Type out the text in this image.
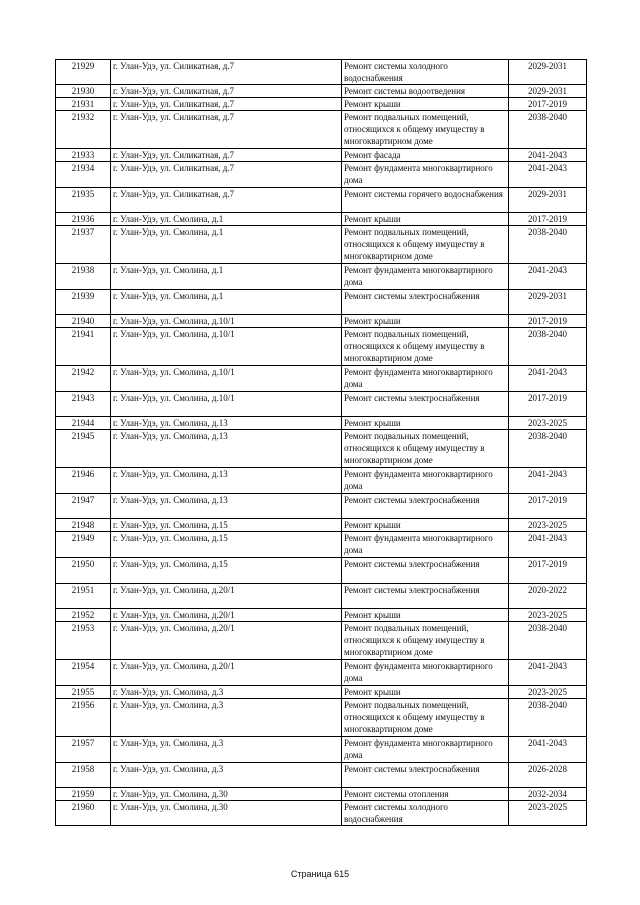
21929	г. Улан-Удэ, ул. Силикатная, д.7	Ремонт системы холодного водоснабжения	2029-2031
21930	г. Улан-Удэ, ул. Силикатная, д.7	Ремонт системы водоотведения	2029-2031
21931	г. Улан-Удэ, ул. Силикатная, д.7	Ремонт крыши	2017-2019
21932	г. Улан-Удэ, ул. Силикатная, д.7	Ремонт подвальных помещений, относящихся к общему имуществу в многоквартирном доме	2038-2040
21933	г. Улан-Удэ, ул. Силикатная, д.7	Ремонт фасада	2041-2043
21934	г. Улан-Удэ, ул. Силикатная, д.7	Ремонт фундамента многоквартирного дома	2041-2043
21935	г. Улан-Удэ, ул. Силикатная, д.7	Ремонт системы горячего водоснабжения	2029-2031
21936	г. Улан-Удэ, ул. Смолина, д.1	Ремонт крыши	2017-2019
21937	г. Улан-Удэ, ул. Смолина, д.1	Ремонт подвальных помещений, относящихся к общему имуществу в многоквартирном доме	2038-2040
21938	г. Улан-Удэ, ул. Смолина, д.1	Ремонт фундамента многоквартирного дома	2041-2043
21939	г. Улан-Удэ, ул. Смолина, д.1	Ремонт системы электроснабжения	2029-2031
21940	г. Улан-Удэ, ул. Смолина, д.10/1	Ремонт крыши	2017-2019
21941	г. Улан-Удэ, ул. Смолина, д.10/1	Ремонт подвальных помещений, относящихся к общему имуществу в многоквартирном доме	2038-2040
21942	г. Улан-Удэ, ул. Смолина, д.10/1	Ремонт фундамента многоквартирного дома	2041-2043
21943	г. Улан-Удэ, ул. Смолина, д.10/1	Ремонт системы электроснабжения	2017-2019
21944	г. Улан-Удэ, ул. Смолина, д.13	Ремонт крыши	2023-2025
21945	г. Улан-Удэ, ул. Смолина, д.13	Ремонт подвальных помещений, относящихся к общему имуществу в многоквартирном доме	2038-2040
21946	г. Улан-Удэ, ул. Смолина, д.13	Ремонт фундамента многоквартирного дома	2041-2043
21947	г. Улан-Удэ, ул. Смолина, д.13	Ремонт системы электроснабжения	2017-2019
21948	г. Улан-Удэ, ул. Смолина, д.15	Ремонт крыши	2023-2025
21949	г. Улан-Удэ, ул. Смолина, д.15	Ремонт фундамента многоквартирного дома	2041-2043
21950	г. Улан-Удэ, ул. Смолина, д.15	Ремонт системы электроснабжения	2017-2019
21951	г. Улан-Удэ, ул. Смолина, д.20/1	Ремонт системы электроснабжения	2020-2022
21952	г. Улан-Удэ, ул. Смолина, д.20/1	Ремонт крыши	2023-2025
21953	г. Улан-Удэ, ул. Смолина, д.20/1	Ремонт подвальных помещений, относящихся к общему имуществу в многоквартирном доме	2038-2040
21954	г. Улан-Удэ, ул. Смолина, д.20/1	Ремонт фундамента многоквартирного дома	2041-2043
21955	г. Улан-Удэ, ул. Смолина, д.3	Ремонт крыши	2023-2025
21956	г. Улан-Удэ, ул. Смолина, д.3	Ремонт подвальных помещений, относящихся к общему имуществу в многоквартирном доме	2038-2040
21957	г. Улан-Удэ, ул. Смолина, д.3	Ремонт фундамента многоквартирного дома	2041-2043
21958	г. Улан-Удэ, ул. Смолина, д.3	Ремонт системы электроснабжения	2026-2028
21959	г. Улан-Удэ, ул. Смолина, д.30	Ремонт системы отопления	2032-2034
21960	г. Улан-Удэ, ул. Смолина, д.30	Ремонт системы холодного водоснабжения	2023-2025
Страница 615
